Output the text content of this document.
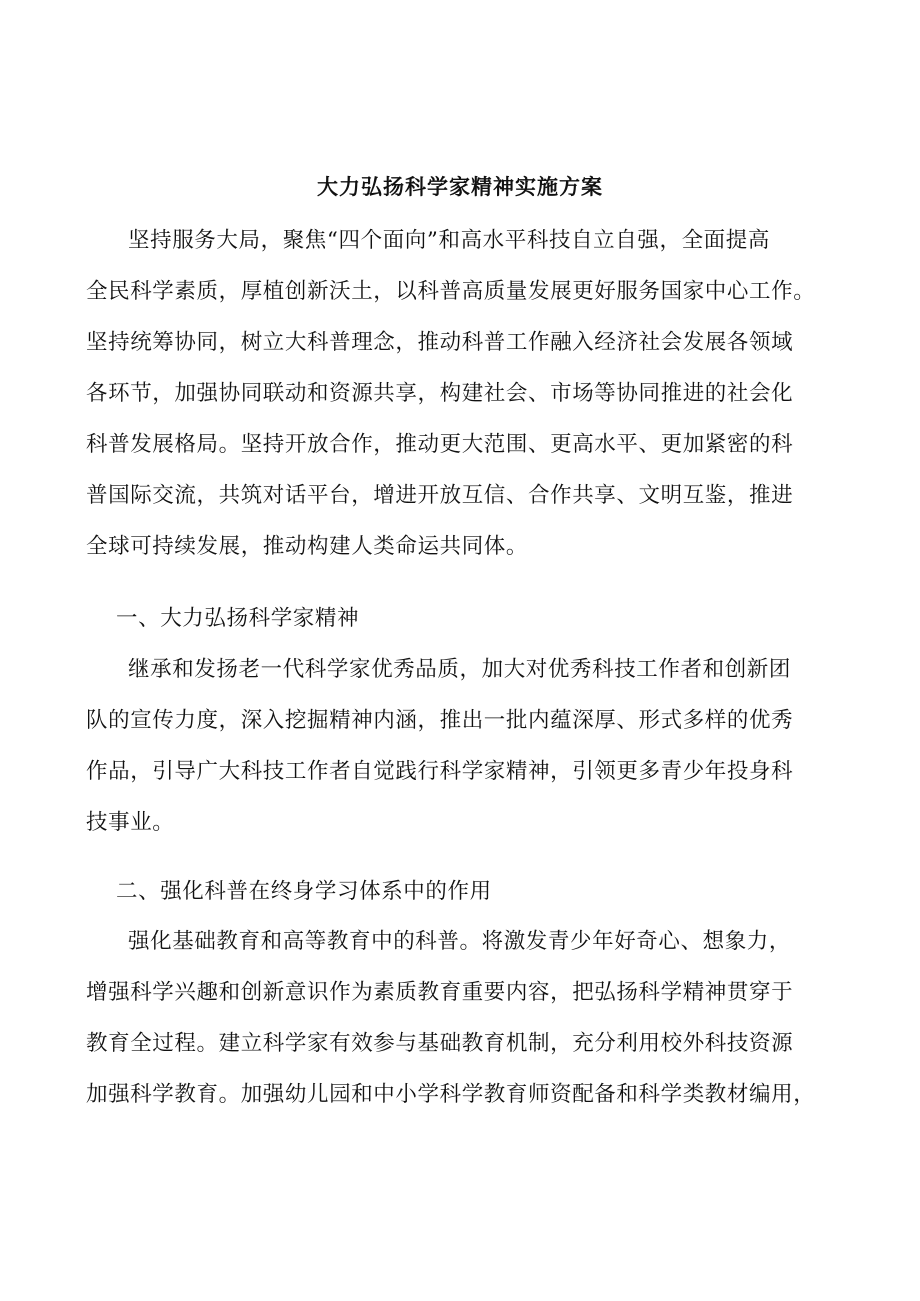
大力弘扬科学家精神实施方案
坚持服务大局，聚焦“四个面向”和高水平科技自立自强，全面提高
全民科学素质，厚植创新沃土，以科普高质量发展更好服务国家中心工作。
坚持统筹协同，树立大科普理念，推动科普工作融入经济社会发展各领域
各环节，加强协同联动和资源共享，构建社会、市场等协同推进的社会化
科普发展格局。坚持开放合作，推动更大范围、更高水平、更加紧密的科
普国际交流，共筑对话平台，增进开放互信、合作共享、文明互鉴，推进
全球可持续发展，推动构建人类命运共同体。
一、大力弘扬科学家精神
继承和发扬老一代科学家优秀品质，加大对优秀科技工作者和创新团
队的宣传力度，深入挖掘精神内涵，推出一批内蕴深厚、形式多样的优秀
作品，引导广大科技工作者自觉践行科学家精神，引领更多青少年投身科
技事业。
二、强化科普在终身学习体系中的作用
强化基础教育和高等教育中的科普。将激发青少年好奇心、想象力，
增强科学兴趣和创新意识作为素质教育重要内容，把弘扬科学精神贯穿于
教育全过程。建立科学家有效参与基础教育机制，充分利用校外科技资源
加强科学教育。加强幼儿园和中小学科学教育师资配备和科学类教材编用，
